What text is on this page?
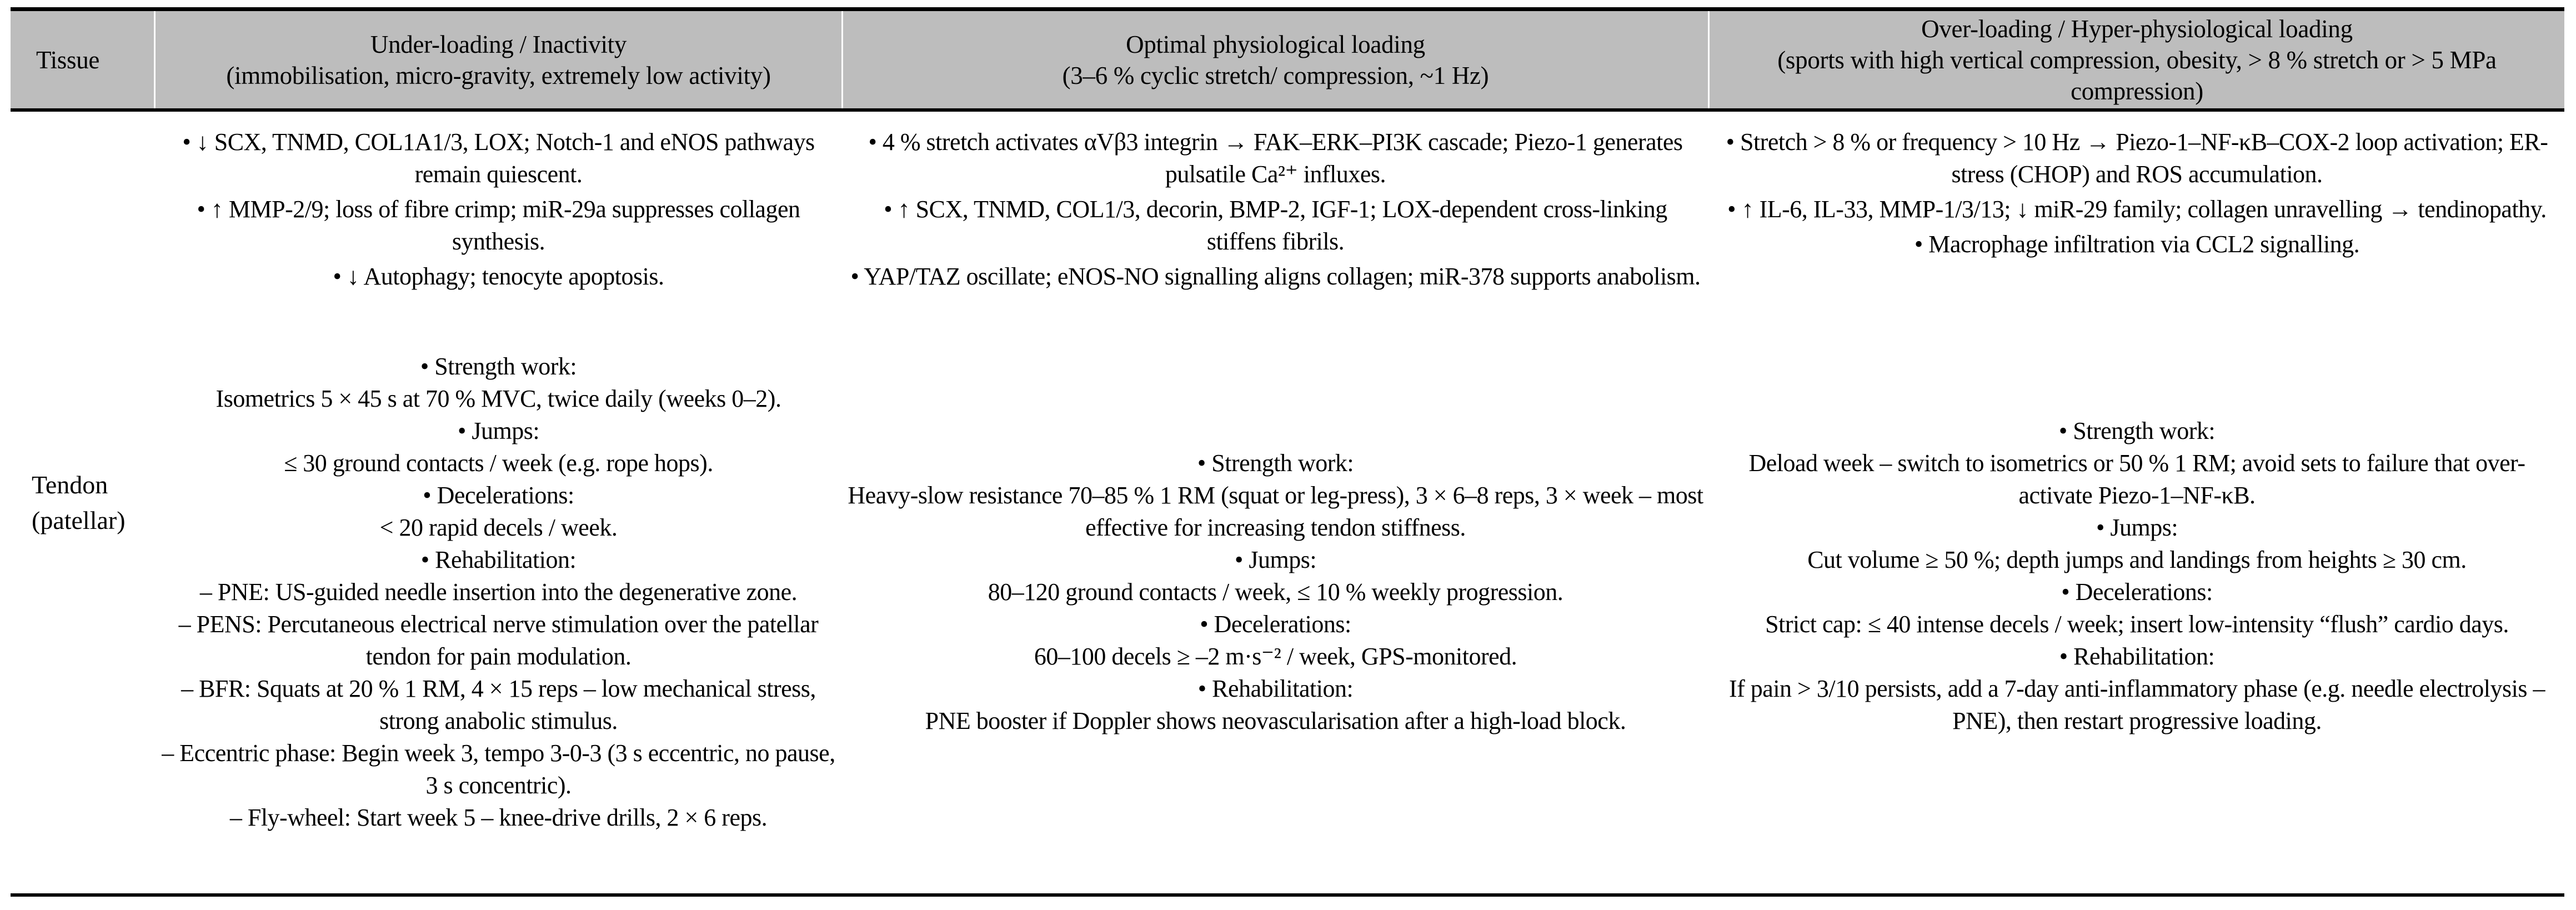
Tissue
Under-loading / Inactivity
(immobilisation, micro-gravity, extremely low activity)
Optimal physiological loading
(3–6 % cyclic stretch/ compression, ~1 Hz)
Over-loading / Hyper-physiological loading
(sports with high vertical compression, obesity, > 8 % stretch or > 5 MPa compression)
Tendon (patellar)

• ↓ SCX, TNMD, COL1A1/3, LOX; Notch-1 and eNOS pathways remain quiescent.

• ↑ MMP-2/9; loss of fibre crimp; miR-29a suppresses collagen synthesis.

• ↓ Autophagy; tenocyte apoptosis.

• Strength work:

Isometrics 5 × 45 s at 70 % MVC, twice daily (weeks 0–2).

• Jumps:

≤ 30 ground contacts / week (e.g. rope hops).

• Decelerations:

< 20 rapid decels / week.

• Rehabilitation:

– PNE: US-guided needle insertion into the degenerative zone.

– PENS: Percutaneous electrical nerve stimulation over the patellar tendon for pain modulation.

– BFR: Squats at 20 % 1 RM, 4 × 15 reps – low mechanical stress, strong anabolic stimulus.

– Eccentric phase: Begin week 3, tempo 3-0-3 (3 s eccentric, no pause, 3 s concentric).

– Fly-wheel: Start week 5 – knee-drive drills, 2 × 6 reps.

• 4 % stretch activates αVβ3 integrin → FAK–ERK–PI3K cascade; Piezo-1 generates pulsatile Ca²⁺ influxes.

• ↑ SCX, TNMD, COL1/3, decorin, BMP-2, IGF-1; LOX-dependent cross-linking stiffens fibrils.

• YAP/TAZ oscillate; eNOS-NO signalling aligns collagen; miR-378 supports anabolism.

• Strength work:

Heavy-slow resistance 70–85 % 1 RM (squat or leg-press), 3 × 6–8 reps, 3 × week – most effective for increasing tendon stiffness.

• Jumps:

80–120 ground contacts / week, ≤ 10 % weekly progression.

• Decelerations:

60–100 decels ≥ –2 m·s⁻² / week, GPS-monitored.

• Rehabilitation:

PNE booster if Doppler shows neovascularisation after a high-load block.

• Stretch > 8 % or frequency > 10 Hz → Piezo-1–NF-κB–COX-2 loop activation; ER-stress (CHOP) and ROS accumulation.

• ↑ IL-6, IL-33, MMP-1/3/13; ↓ miR-29 family; collagen unravelling → tendinopathy.

• Macrophage infiltration via CCL2 signalling.

• Strength work:

Deload week – switch to isometrics or 50 % 1 RM; avoid sets to failure that over-activate Piezo-1–NF-κB.

• Jumps:

Cut volume ≥ 50 %; depth jumps and landings from heights ≥ 30 cm.

• Decelerations:

Strict cap: ≤ 40 intense decels / week; insert low-intensity “flush” cardio days.

• Rehabilitation:

If pain > 3/10 persists, add a 7-day anti-inflammatory phase (e.g. needle electrolysis – PNE), then restart progressive loading.
